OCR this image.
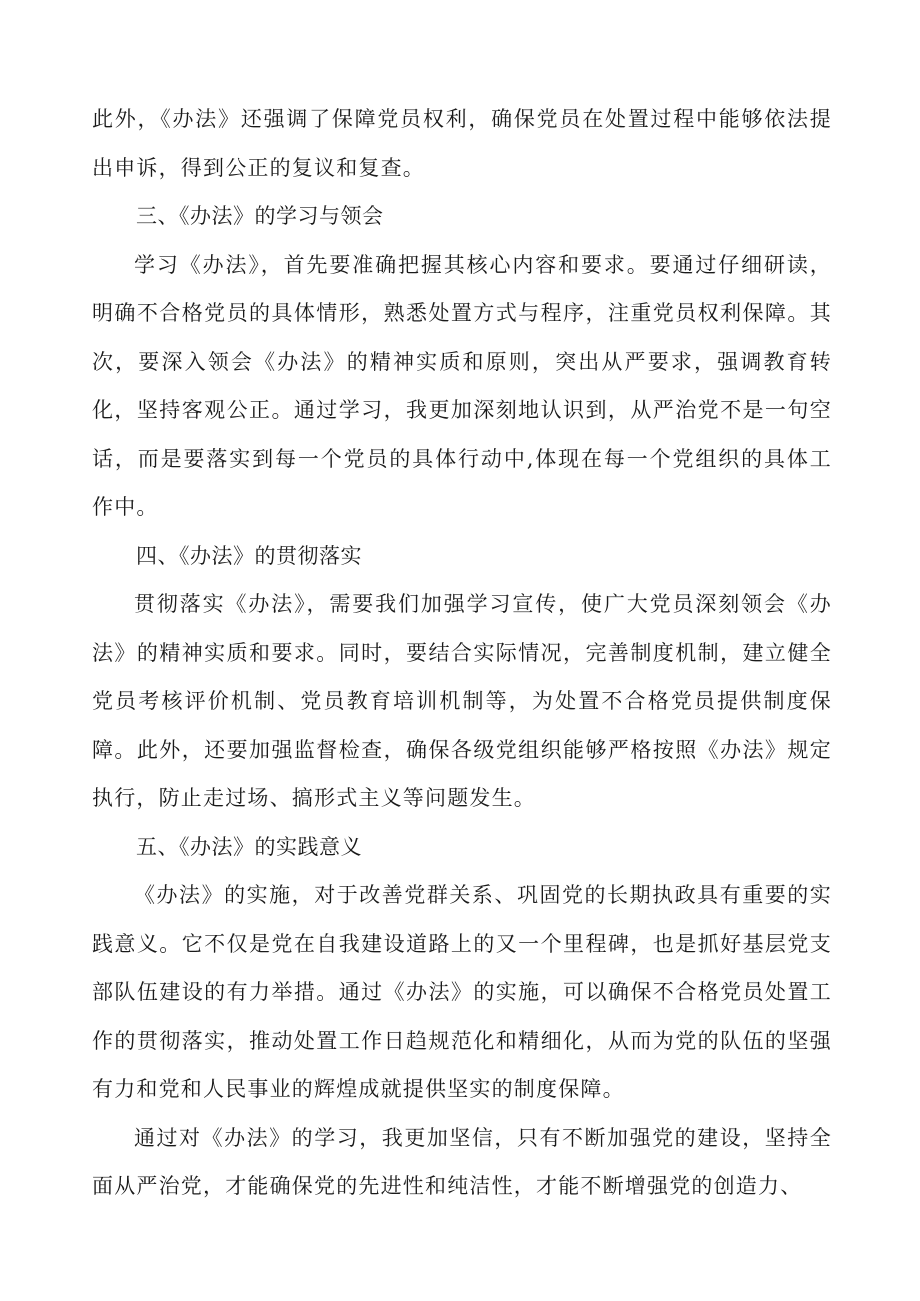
此外，《办法》还强调了保障党员权利，确保党员在处置过程中能够依法提出申诉，得到公正的复议和复查。

三、《办法》的学习与领会

学习《办法》，首先要准确把握其核心内容和要求。要通过仔细研读，明确不合格党员的具体情形，熟悉处置方式与程序，注重党员权利保障。其次，要深入领会《办法》的精神实质和原则，突出从严要求，强调教育转化，坚持客观公正。通过学习，我更加深刻地认识到，从严治党不是一句空话，而是要落实到每一个党员的具体行动中,体现在每一个党组织的具体工作中。

四、《办法》的贯彻落实

贯彻落实《办法》，需要我们加强学习宣传，使广大党员深刻领会《办法》的精神实质和要求。同时，要结合实际情况，完善制度机制，建立健全党员考核评价机制、党员教育培训机制等，为处置不合格党员提供制度保障。此外，还要加强监督检查，确保各级党组织能够严格按照《办法》规定执行，防止走过场、搞形式主义等问题发生。

五、《办法》的实践意义

《办法》的实施，对于改善党群关系、巩固党的长期执政具有重要的实践意义。它不仅是党在自我建设道路上的又一个里程碑，也是抓好基层党支部队伍建设的有力举措。通过《办法》的实施，可以确保不合格党员处置工作的贯彻落实，推动处置工作日趋规范化和精细化，从而为党的队伍的坚强有力和党和人民事业的辉煌成就提供坚实的制度保障。

通过对《办法》的学习，我更加坚信，只有不断加强党的建设，坚持全面从严治党，才能确保党的先进性和纯洁性，才能不断增强党的创造力、
